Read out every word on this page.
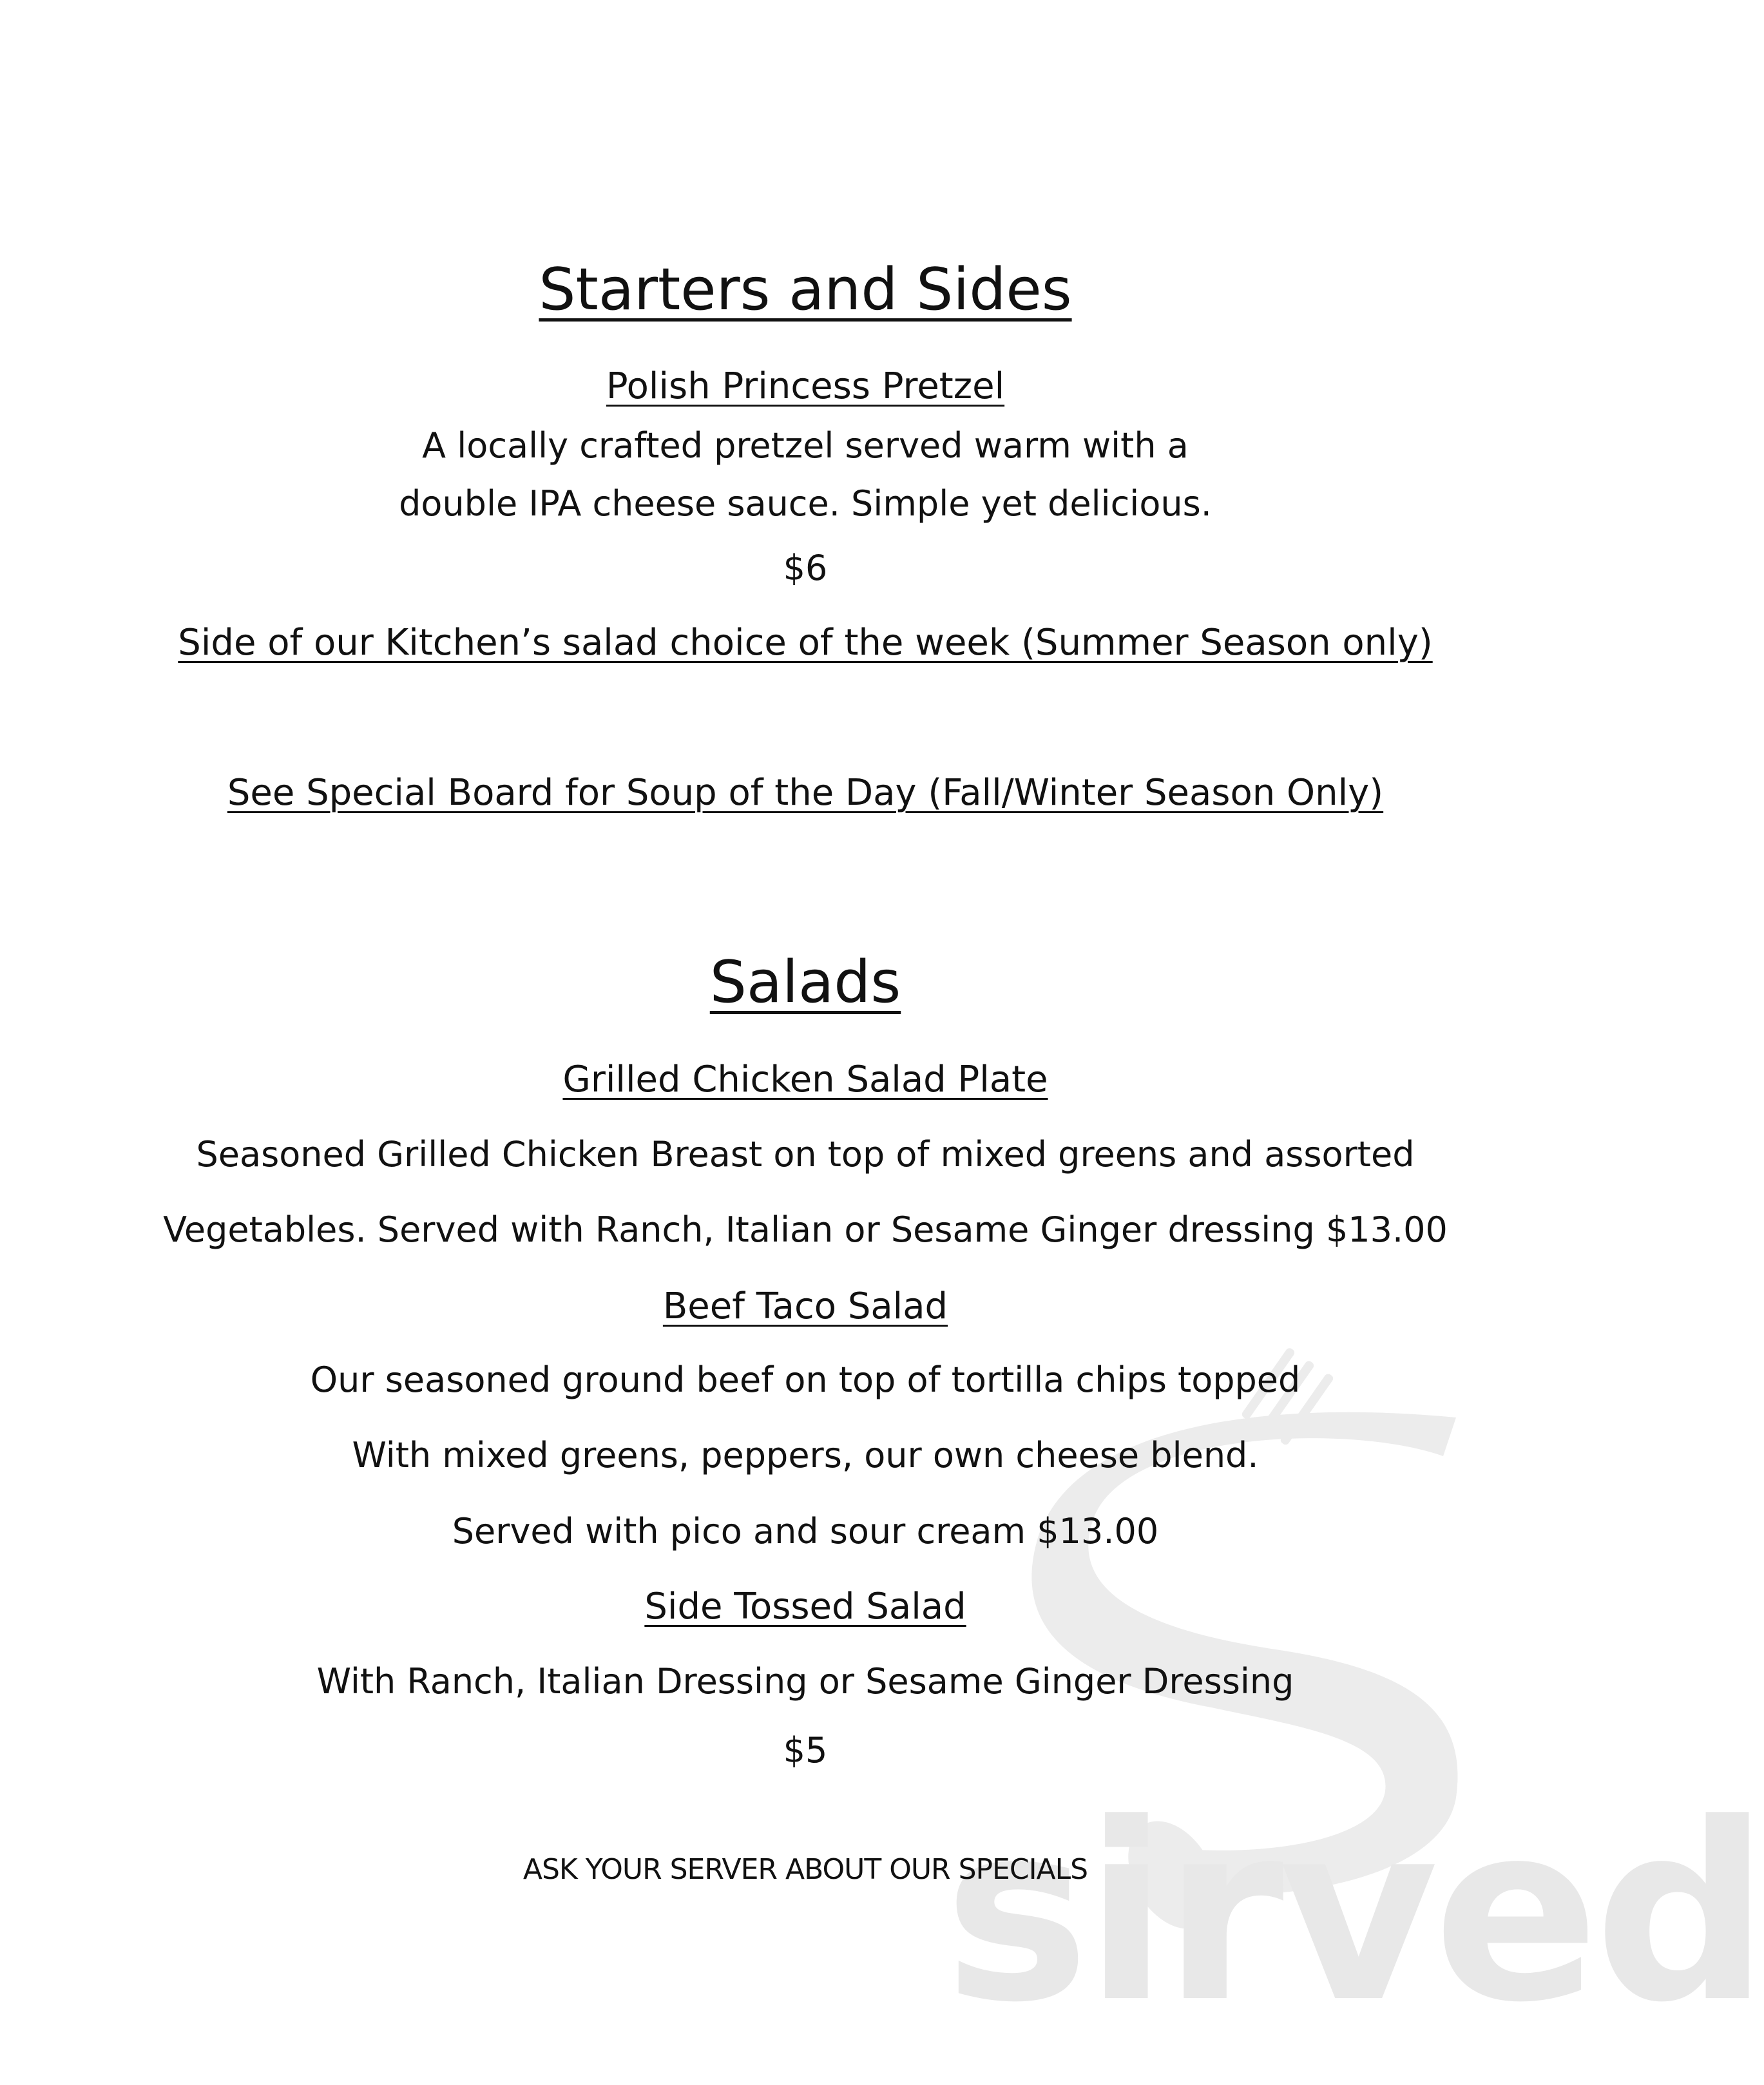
sirved
Starters and Sides
Polish Princess Pretzel
A locally crafted pretzel served warm with a
double IPA cheese sauce. Simple yet delicious.
$6
Side of our Kitchen’s salad choice of the week (Summer Season only)
See Special Board for Soup of the Day (Fall/Winter Season Only)
Salads
Grilled Chicken Salad Plate
Seasoned Grilled Chicken Breast on top of mixed greens and assorted
Vegetables. Served with Ranch, Italian or Sesame Ginger dressing $13.00
Beef Taco Salad
Our seasoned ground beef on top of tortilla chips topped
With mixed greens, peppers, our own cheese blend.
Served with pico and sour cream $13.00
Side Tossed Salad
With Ranch, Italian Dressing or Sesame Ginger Dressing
$5
ASK YOUR SERVER ABOUT OUR SPECIALS
